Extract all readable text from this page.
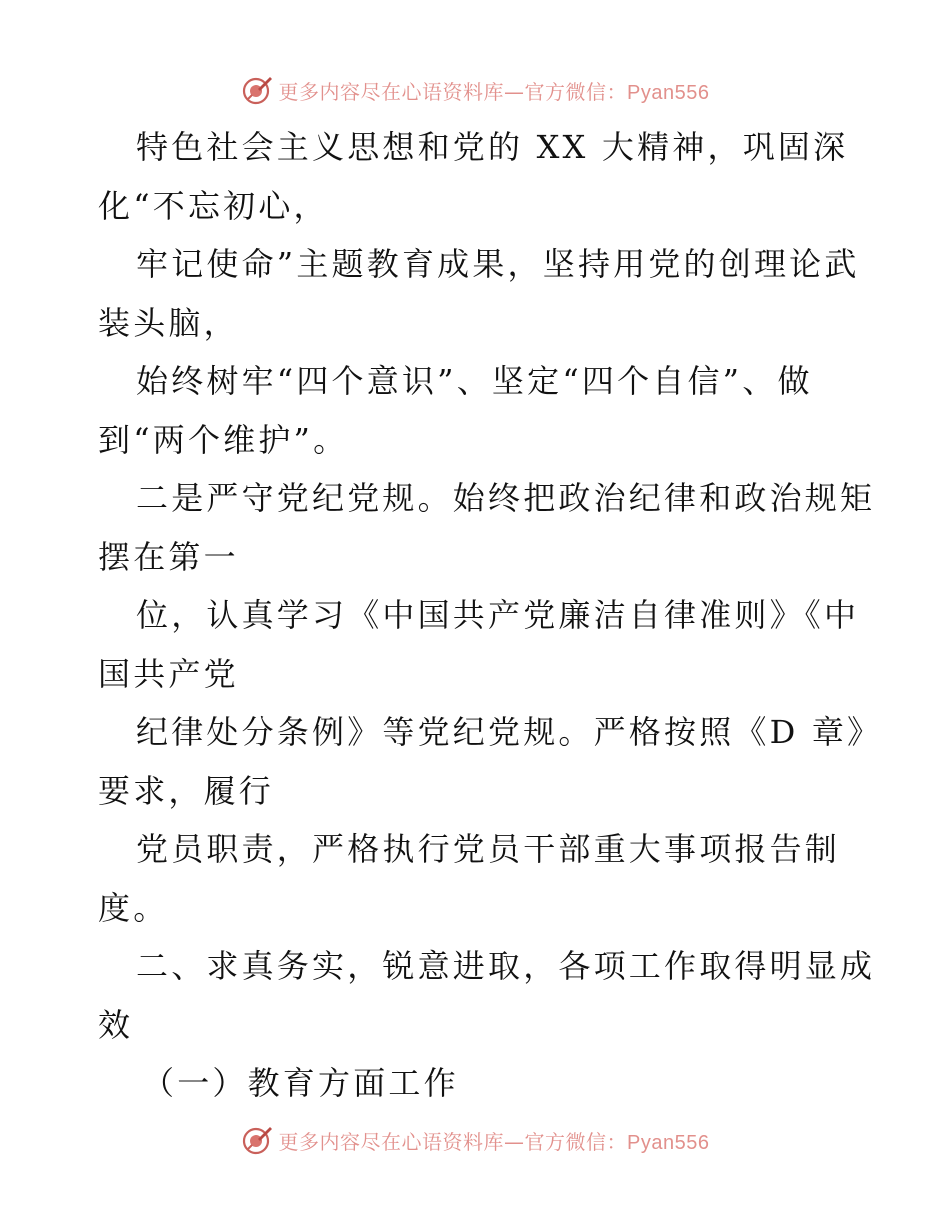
更多内容尽在心语资料库—官方微信：Pyan556
特色社会主义思想和党的 XX 大精神，巩固深
化“不忘初心，
牢记使命”主题教育成果，坚持用党的创理论武
装头脑，
始终树牢“四个意识”、坚定“四个自信”、做
到“两个维护”。
二是严守党纪党规。始终把政治纪律和政治规矩
摆在第一
位，认真学习《中国共产党廉洁自律准则》《中
国共产党
纪律处分条例》等党纪党规。严格按照《D 章》
要求，履行
党员职责，严格执行党员干部重大事项报告制
度。
二、求真务实，锐意进取，各项工作取得明显成
效
（一）教育方面工作
更多内容尽在心语资料库—官方微信：Pyan556
